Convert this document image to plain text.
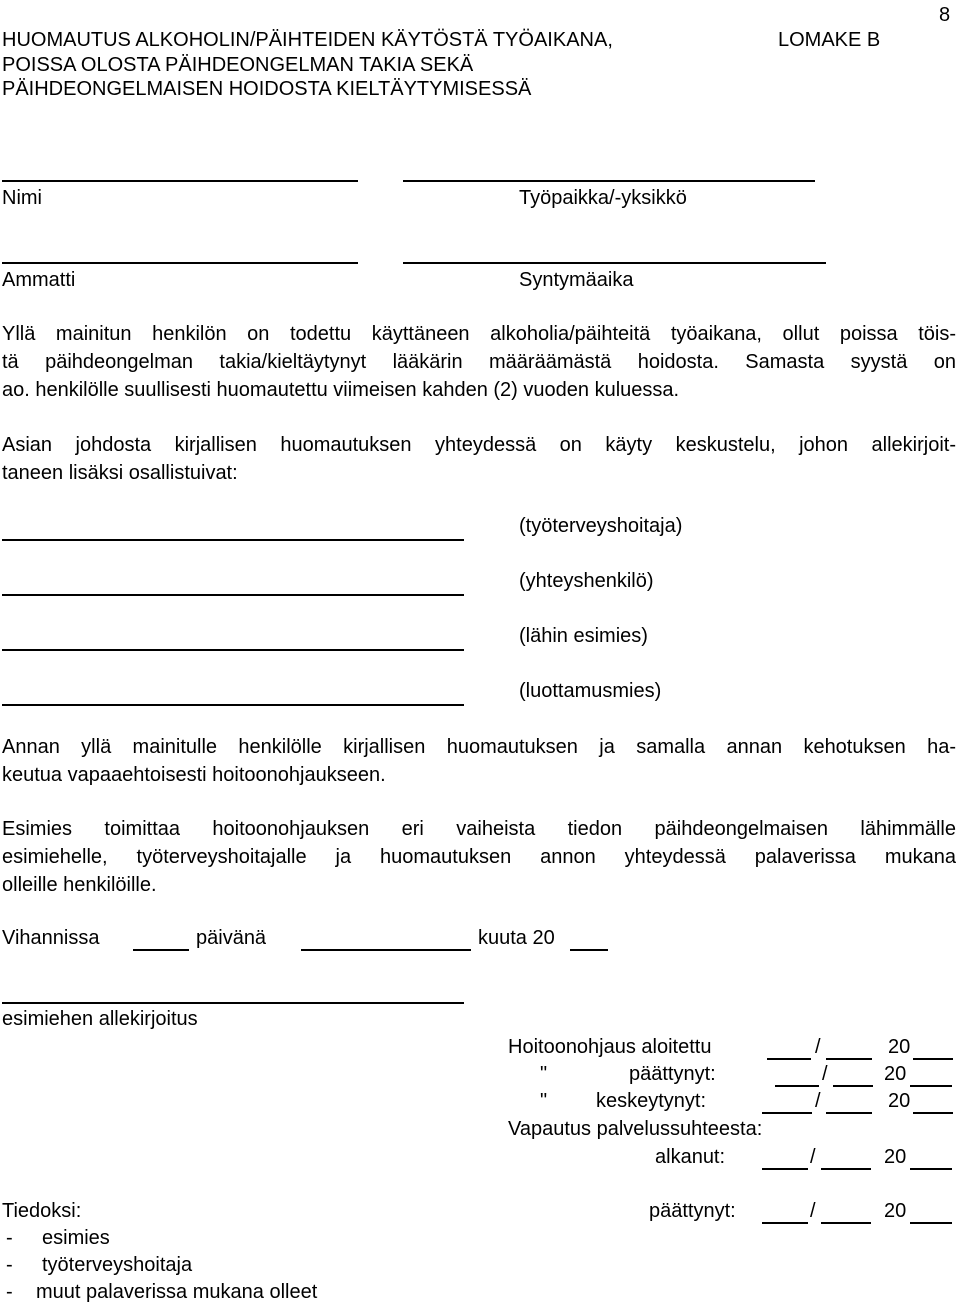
8
HUOMAUTUS ALKOHOLIN/PÄIHTEIDEN KÄYTÖSTÄ TYÖAIKANA,
POISSA OLOSTA PÄIHDEONGELMAN TAKIA SEKÄ
PÄIHDEONGELMAISEN HOIDOSTA KIELTÄYTYMISESSÄ
LOMAKE B
Nimi	Työpaikka/-yksikkö
Ammatti	Syntymäaika
Yllä mainitun henkilön on todettu käyttäneen alkoholia/päihteitä työaikana, ollut poissa töis-
tä päihdeongelman takia/kieltäytynyt lääkärin määräämästä hoidosta. Samasta syystä on
ao. henkilölle suullisesti huomautettu viimeisen kahden (2) vuoden kuluessa.
Asian johdosta kirjallisen huomautuksen yhteydessä on käyty keskustelu, johon allekirjoit-
taneen lisäksi osallistuivat:
(työterveyshoitaja)
(yhteyshenkilö)
(lähin esimies)
(luottamusmies)
Annan yllä mainitulle henkilölle kirjallisen huomautuksen ja samalla annan kehotuksen ha-
keutua vapaaehtoisesti hoitoonohjaukseen.
Esimies toimittaa hoitoonohjauksen eri vaiheista tiedon päihdeongelmaisen lähimmälle
esimiehelle, työterveyshoitajalle ja huomautuksen annon yhteydessä palaverissa mukana
olleille henkilöille.
Vihannissa	päivänä	kuuta 20
esimiehen allekirjoitus
Hoitoonohjaus aloitettu	/	20
"	päättynyt:	/	20
" keskeytynyt:	/	20
Vapautus palvelussuhteesta:
alkanut:	/	20
Tiedoksi:	päättynyt:	/	20
- esimies
- työterveyshoitaja
- muut palaverissa mukana olleet
